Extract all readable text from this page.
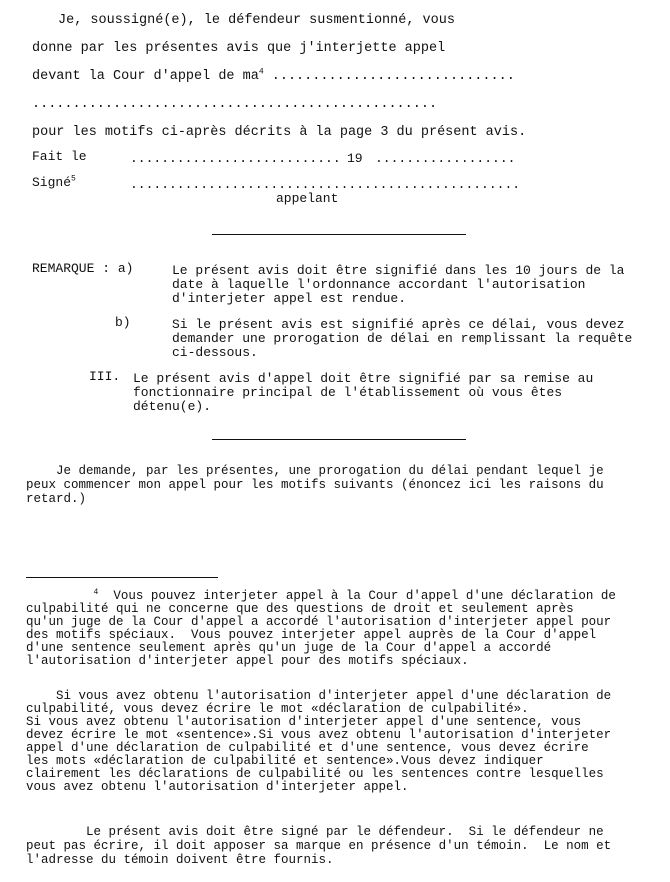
Je, soussigné(e), le défendeur susmentionné, vous
donne par les présentes avis que j'interjette appel
devant la Cour d'appel de $ma^4$ ..............................
..................................................
pour les motifs ci-après décrits à la page 3 du présent avis.
Fait le	........................... 19 ..................
Signé$^5$	..................................................
appelant
REMARQUE : a)	Le présent avis doit être signifié dans les 10 jours de la
date à laquelle l'ordonnance accordant l'autorisation
d'interjeter appel est rendue.
b)	Si le présent avis est signifié après ce délai, vous devez
demander une prorogation de délai en remplissant la requête
ci-dessous.
III. Le présent avis d'appel doit être signifié par sa remise au
fonctionnaire principal de l'établissement où vous êtes
détenu(e).
Je demande, par les présentes, une prorogation du délai pendant lequel je
peux commencer mon appel pour les motifs suivants (énoncez ici les raisons du
retard.)
$^4$ Vous pouvez interjeter appel à la Cour d'appel d'une déclaration de
culpabilité qui ne concerne que des questions de droit et seulement après
qu'un juge de la Cour d'appel a accordé l'autorisation d'interjeter appel pour
des motifs spéciaux.  Vous pouvez interjeter appel auprès de la Cour d'appel
d'une sentence seulement après qu'un juge de la Cour d'appel a accordé
l'autorisation d'interjeter appel pour des motifs spéciaux.
Si vous avez obtenu l'autorisation d'interjeter appel d'une déclaration de
culpabilité, vous devez écrire le mot «déclaration de culpabilité».
Si vous avez obtenu l'autorisation d'interjeter appel d'une sentence, vous
devez écrire le mot «sentence».Si vous avez obtenu l'autorisation d'interjeter
appel d'une déclaration de culpabilité et d'une sentence, vous devez écrire
les mots «déclaration de culpabilité et sentence».Vous devez indiquer
clairement les déclarations de culpabilité ou les sentences contre lesquelles
vous avez obtenu l'autorisation d'interjeter appel.
Le présent avis doit être signé par le défendeur.  Si le défendeur ne
peut pas écrire, il doit apposer sa marque en présence d'un témoin.  Le nom et
l'adresse du témoin doivent être fournis.
